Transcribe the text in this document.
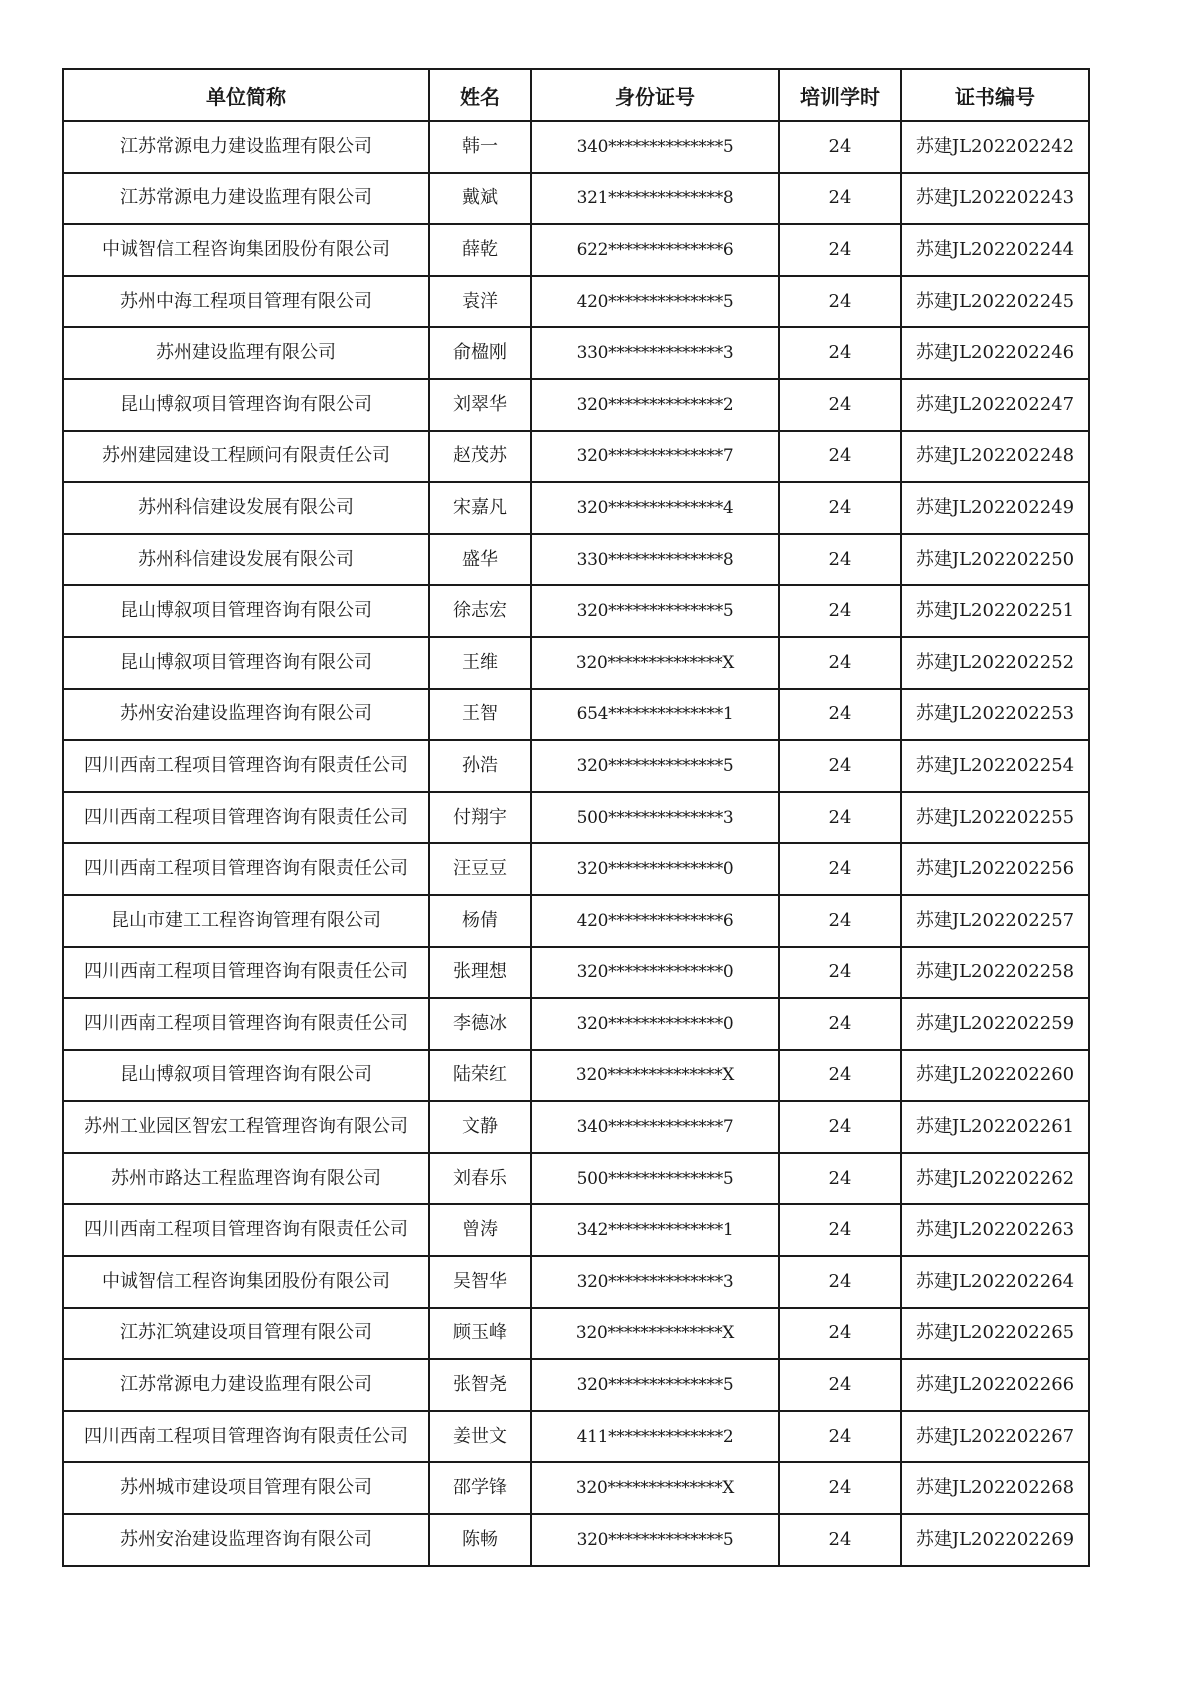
单位简称	姓名	身份证号	培训学时	证书编号
江苏常源电力建设监理有限公司	韩一	340**************5	24	苏建JL202202242
江苏常源电力建设监理有限公司	戴斌	321**************8	24	苏建JL202202243
中诚智信工程咨询集团股份有限公司	薛乾	622**************6	24	苏建JL202202244
苏州中海工程项目管理有限公司	袁洋	420**************5	24	苏建JL202202245
苏州建设监理有限公司	俞楹刚	330**************3	24	苏建JL202202246
昆山博叙项目管理咨询有限公司	刘翠华	320**************2	24	苏建JL202202247
苏州建园建设工程顾问有限责任公司	赵茂苏	320**************7	24	苏建JL202202248
苏州科信建设发展有限公司	宋嘉凡	320**************4	24	苏建JL202202249
苏州科信建设发展有限公司	盛华	330**************8	24	苏建JL202202250
昆山博叙项目管理咨询有限公司	徐志宏	320**************5	24	苏建JL202202251
昆山博叙项目管理咨询有限公司	王维	320**************X	24	苏建JL202202252
苏州安治建设监理咨询有限公司	王智	654**************1	24	苏建JL202202253
四川西南工程项目管理咨询有限责任公司	孙浩	320**************5	24	苏建JL202202254
四川西南工程项目管理咨询有限责任公司	付翔宇	500**************3	24	苏建JL202202255
四川西南工程项目管理咨询有限责任公司	汪豆豆	320**************0	24	苏建JL202202256
昆山市建工工程咨询管理有限公司	杨倩	420**************6	24	苏建JL202202257
四川西南工程项目管理咨询有限责任公司	张理想	320**************0	24	苏建JL202202258
四川西南工程项目管理咨询有限责任公司	李德冰	320**************0	24	苏建JL202202259
昆山博叙项目管理咨询有限公司	陆荣红	320**************X	24	苏建JL202202260
苏州工业园区智宏工程管理咨询有限公司	文静	340**************7	24	苏建JL202202261
苏州市路达工程监理咨询有限公司	刘春乐	500**************5	24	苏建JL202202262
四川西南工程项目管理咨询有限责任公司	曾涛	342**************1	24	苏建JL202202263
中诚智信工程咨询集团股份有限公司	吴智华	320**************3	24	苏建JL202202264
江苏汇筑建设项目管理有限公司	顾玉峰	320**************X	24	苏建JL202202265
江苏常源电力建设监理有限公司	张智尧	320**************5	24	苏建JL202202266
四川西南工程项目管理咨询有限责任公司	姜世文	411**************2	24	苏建JL202202267
苏州城市建设项目管理有限公司	邵学锋	320**************X	24	苏建JL202202268
苏州安治建设监理咨询有限公司	陈畅	320**************5	24	苏建JL202202269
